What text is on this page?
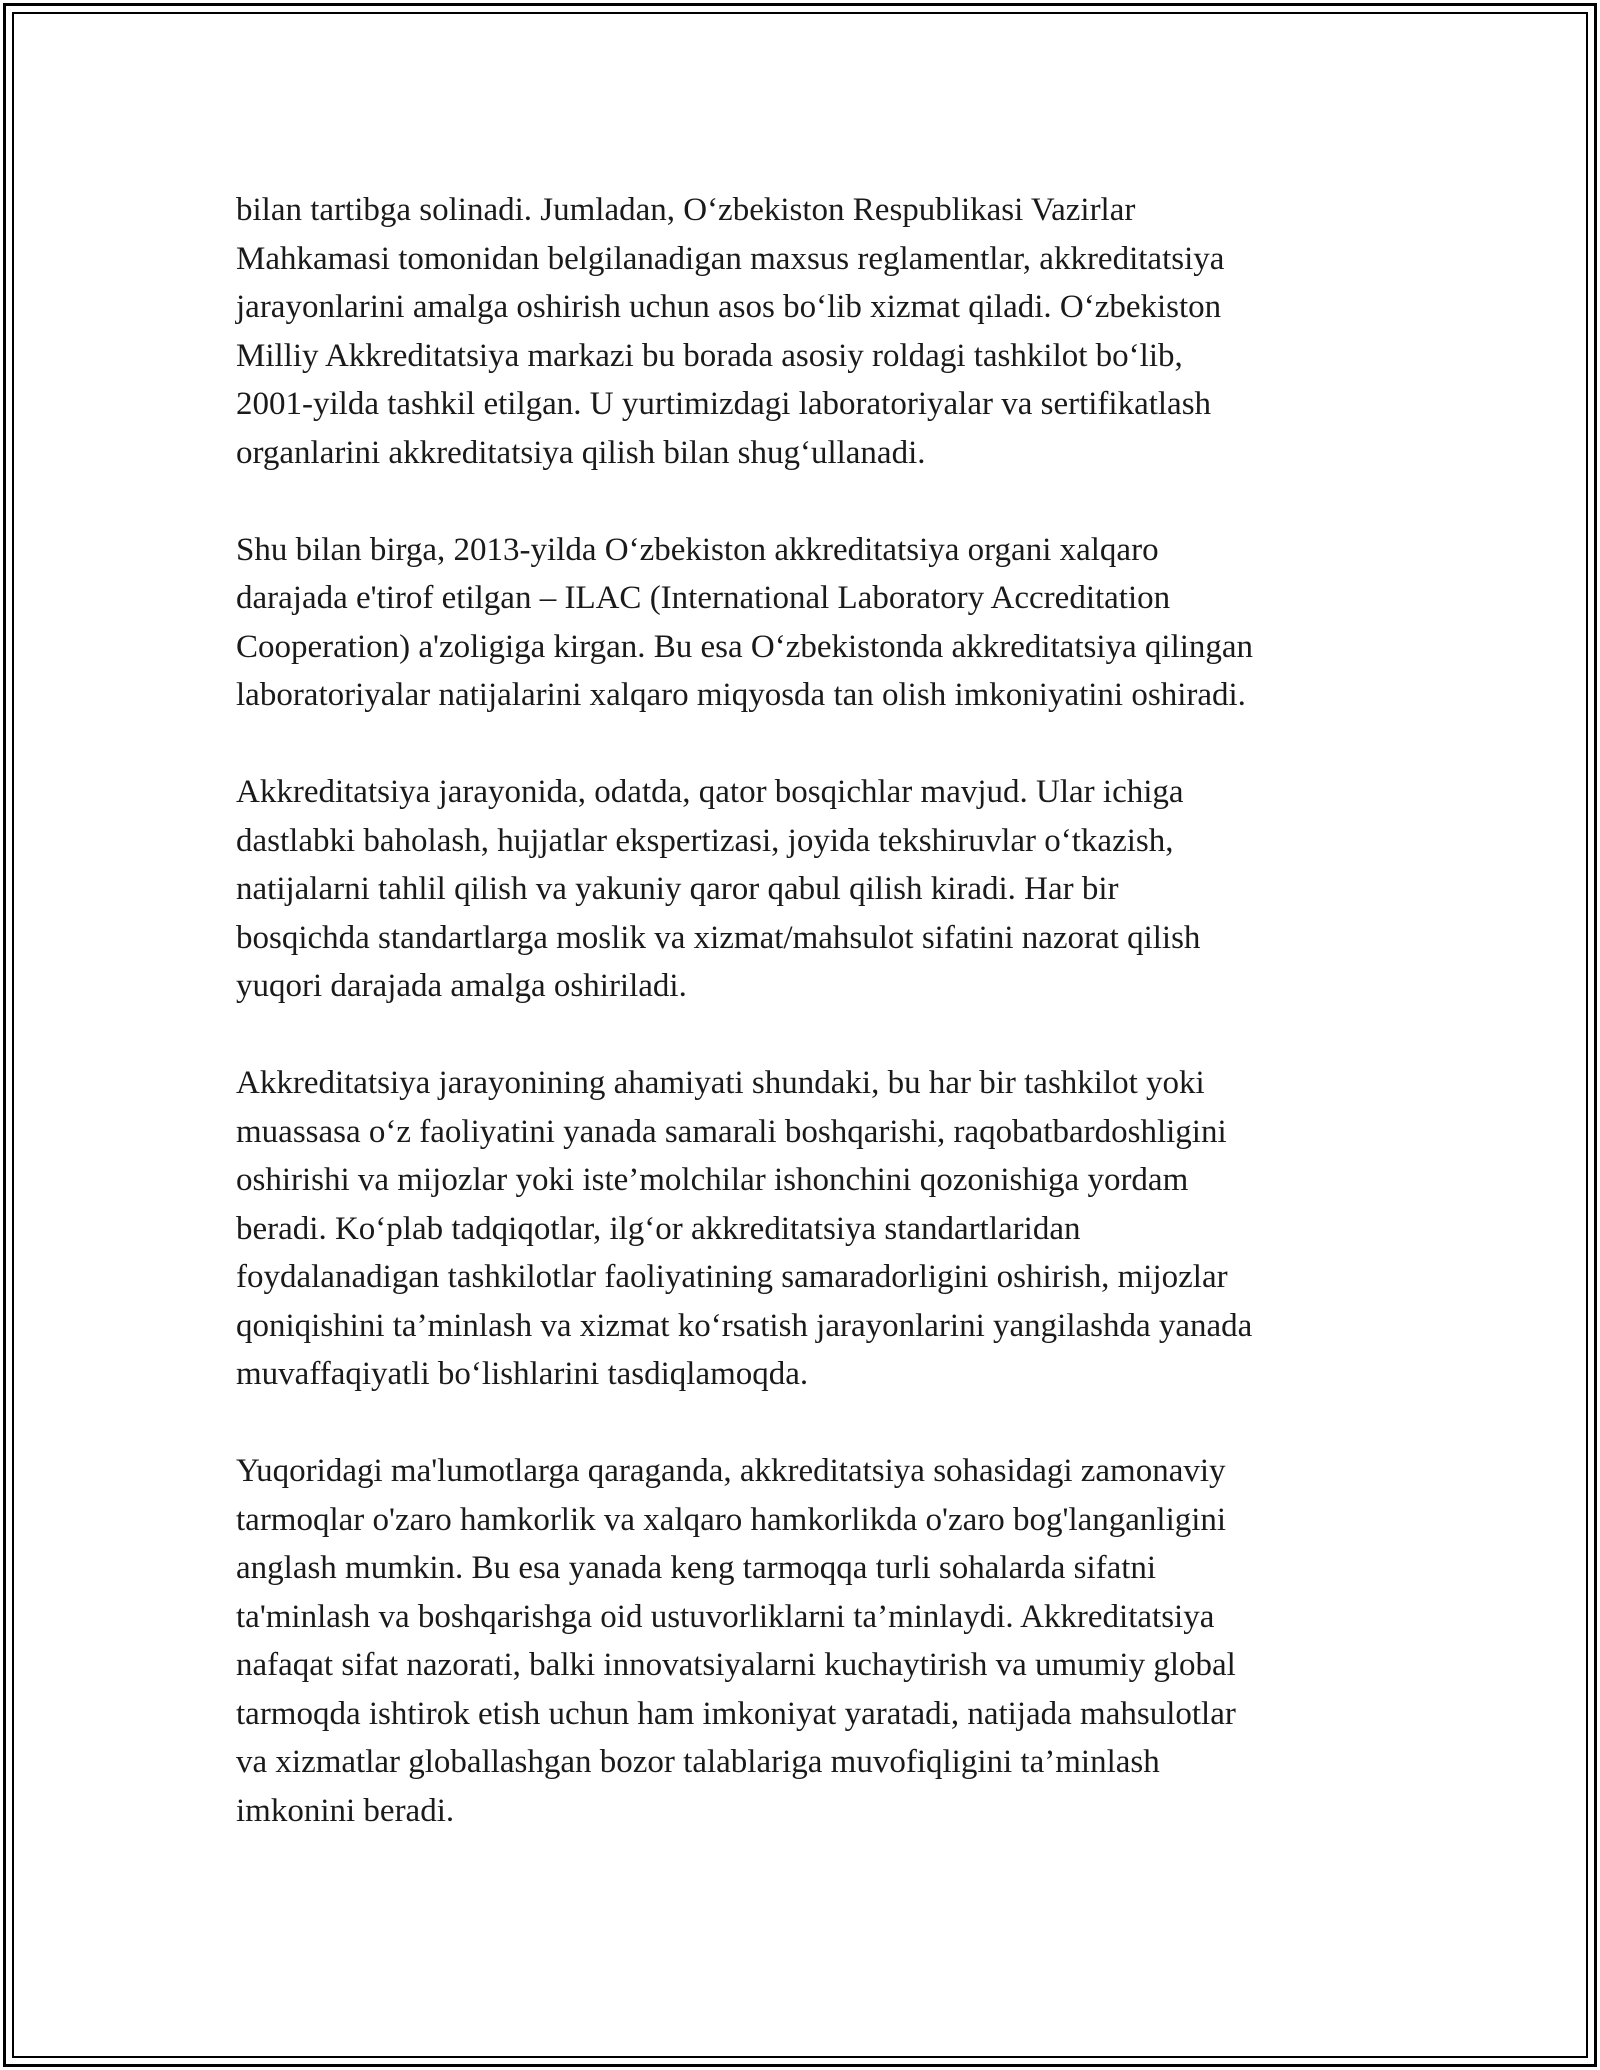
bilan tartibga solinadi. Jumladan, O‘zbekiston Respublikasi Vazirlar
Mahkamasi tomonidan belgilanadigan maxsus reglamentlar, akkreditatsiya
jarayonlarini amalga oshirish uchun asos bo‘lib xizmat qiladi. O‘zbekiston
Milliy Akkreditatsiya markazi bu borada asosiy roldagi tashkilot bo‘lib,
2001-yilda tashkil etilgan. U yurtimizdagi laboratoriyalar va sertifikatlash
organlarini akkreditatsiya qilish bilan shug‘ullanadi.

Shu bilan birga, 2013-yilda O‘zbekiston akkreditatsiya organi xalqaro
darajada e'tirof etilgan – ILAC (International Laboratory Accreditation
Cooperation) a'zoligiga kirgan. Bu esa O‘zbekistonda akkreditatsiya qilingan
laboratoriyalar natijalarini xalqaro miqyosda tan olish imkoniyatini oshiradi.

Akkreditatsiya jarayonida, odatda, qator bosqichlar mavjud. Ular ichiga
dastlabki baholash, hujjatlar ekspertizasi, joyida tekshiruvlar o‘tkazish,
natijalarni tahlil qilish va yakuniy qaror qabul qilish kiradi. Har bir
bosqichda standartlarga moslik va xizmat/mahsulot sifatini nazorat qilish
yuqori darajada amalga oshiriladi.

Akkreditatsiya jarayonining ahamiyati shundaki, bu har bir tashkilot yoki
muassasa o‘z faoliyatini yanada samarali boshqarishi, raqobatbardoshligini
oshirishi va mijozlar yoki iste’molchilar ishonchini qozonishiga yordam
beradi. Ko‘plab tadqiqotlar, ilg‘or akkreditatsiya standartlaridan
foydalanadigan tashkilotlar faoliyatining samaradorligini oshirish, mijozlar
qoniqishini ta’minlash va xizmat ko‘rsatish jarayonlarini yangilashda yanada
muvaffaqiyatli bo‘lishlarini tasdiqlamoqda.

Yuqoridagi ma'lumotlarga qaraganda, akkreditatsiya sohasidagi zamonaviy
tarmoqlar o'zaro hamkorlik va xalqaro hamkorlikda o'zaro bog'langanligini
anglash mumkin. Bu esa yanada keng tarmoqqa turli sohalarda sifatni
ta'minlash va boshqarishga oid ustuvorliklarni ta’minlaydi. Akkreditatsiya
nafaqat sifat nazorati, balki innovatsiyalarni kuchaytirish va umumiy global
tarmoqda ishtirok etish uchun ham imkoniyat yaratadi, natijada mahsulotlar
va xizmatlar globallashgan bozor talablariga muvofiqligini ta’minlash
imkonini beradi.
